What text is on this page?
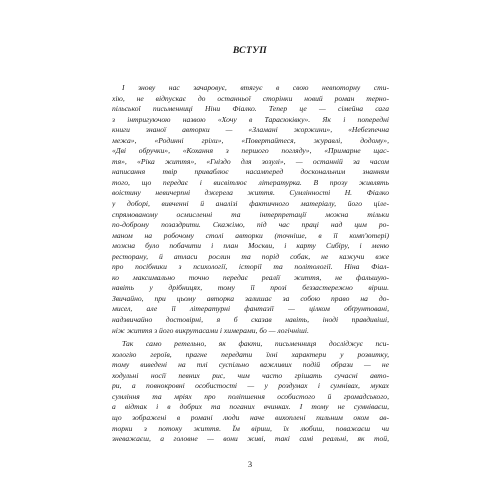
ВСТУП
І знову нас зачаровує, втягує в свою невпоторну сти-
хію, не відпускає до останньої сторінки новий роман терно-
пільської письменниці Ніни Фіалко. Тепер це — сімейна сага
з інтригуючою назвою «Хочу в Тарасюківку». Як і попередні
книги знаної авторки — «Зламані жоржини», «Небезпечна
межа», «Родинні гріхи», «Повертайтеся, журавлі, додому»,
«Дві обручки», «Кохання з першого погляду», «Примарне щас-
тя», «Ріка життя», «Гніздо для зозулі», — останній за часом
написання твір приваблює насамперед доскональним знанням
того, що передає і висвітлює літературка. В прозу живлять
воістину невичерпні джерела життя. Сумлінності Н. Фіалко
у доборі, вивченні й аналізі фактичного матеріалу, його ціле-
спрямованому осмисленні та інтерпретації можна тільки
по-доброму позаздрити. Скажімо, під час праці над цим ро-
маном на робочому столі авторки (точніше, в її комп'ютері)
можна було побачити і план Москви, і карту Сибіру, і меню
ресторану, й атласи рослин та порід собак, не кажучи вже
про посібники з психології, історії та політології. Ніна Фіал-
ко максимально точно передає реалії життя, не фальшую-
навіть у дрібницях, тому її прозі беззастережно віриш.
Звичайно, при цьому авторка залишає за собою право на до-
мисел, але її літературні фантазії — цілком обґрунтовані,
надзвичайно достовірні, я б сказав навіть, іноді правдивіші,
ніж життя з його викрутасами і химерами, бо — логічніші.
Так само ретельно, як факти, письменниця досліджує пси-
хологію героїв, прагне передати їхні характери у розвитку,
тому виведені на тлі суспільно важливих подій образи — не
ходульні носії певних рис, чим часто грішать сучасні авто-
ри, а повнокровні особистості — у роздумах і сумніваx, муках
сумління та мріях про поліпшення особистого й громадського,
а відтак і в добрих та поганих вчинках. І тому не сумніваєш,
що зображені в романі люди наче вихоплені пильним оком ав-
торки з потоку життя. Їм віриш, їх любиш, поважаєш чи
зневажаєш, а головне — вони живі, такі самі реальні, як той,
3
